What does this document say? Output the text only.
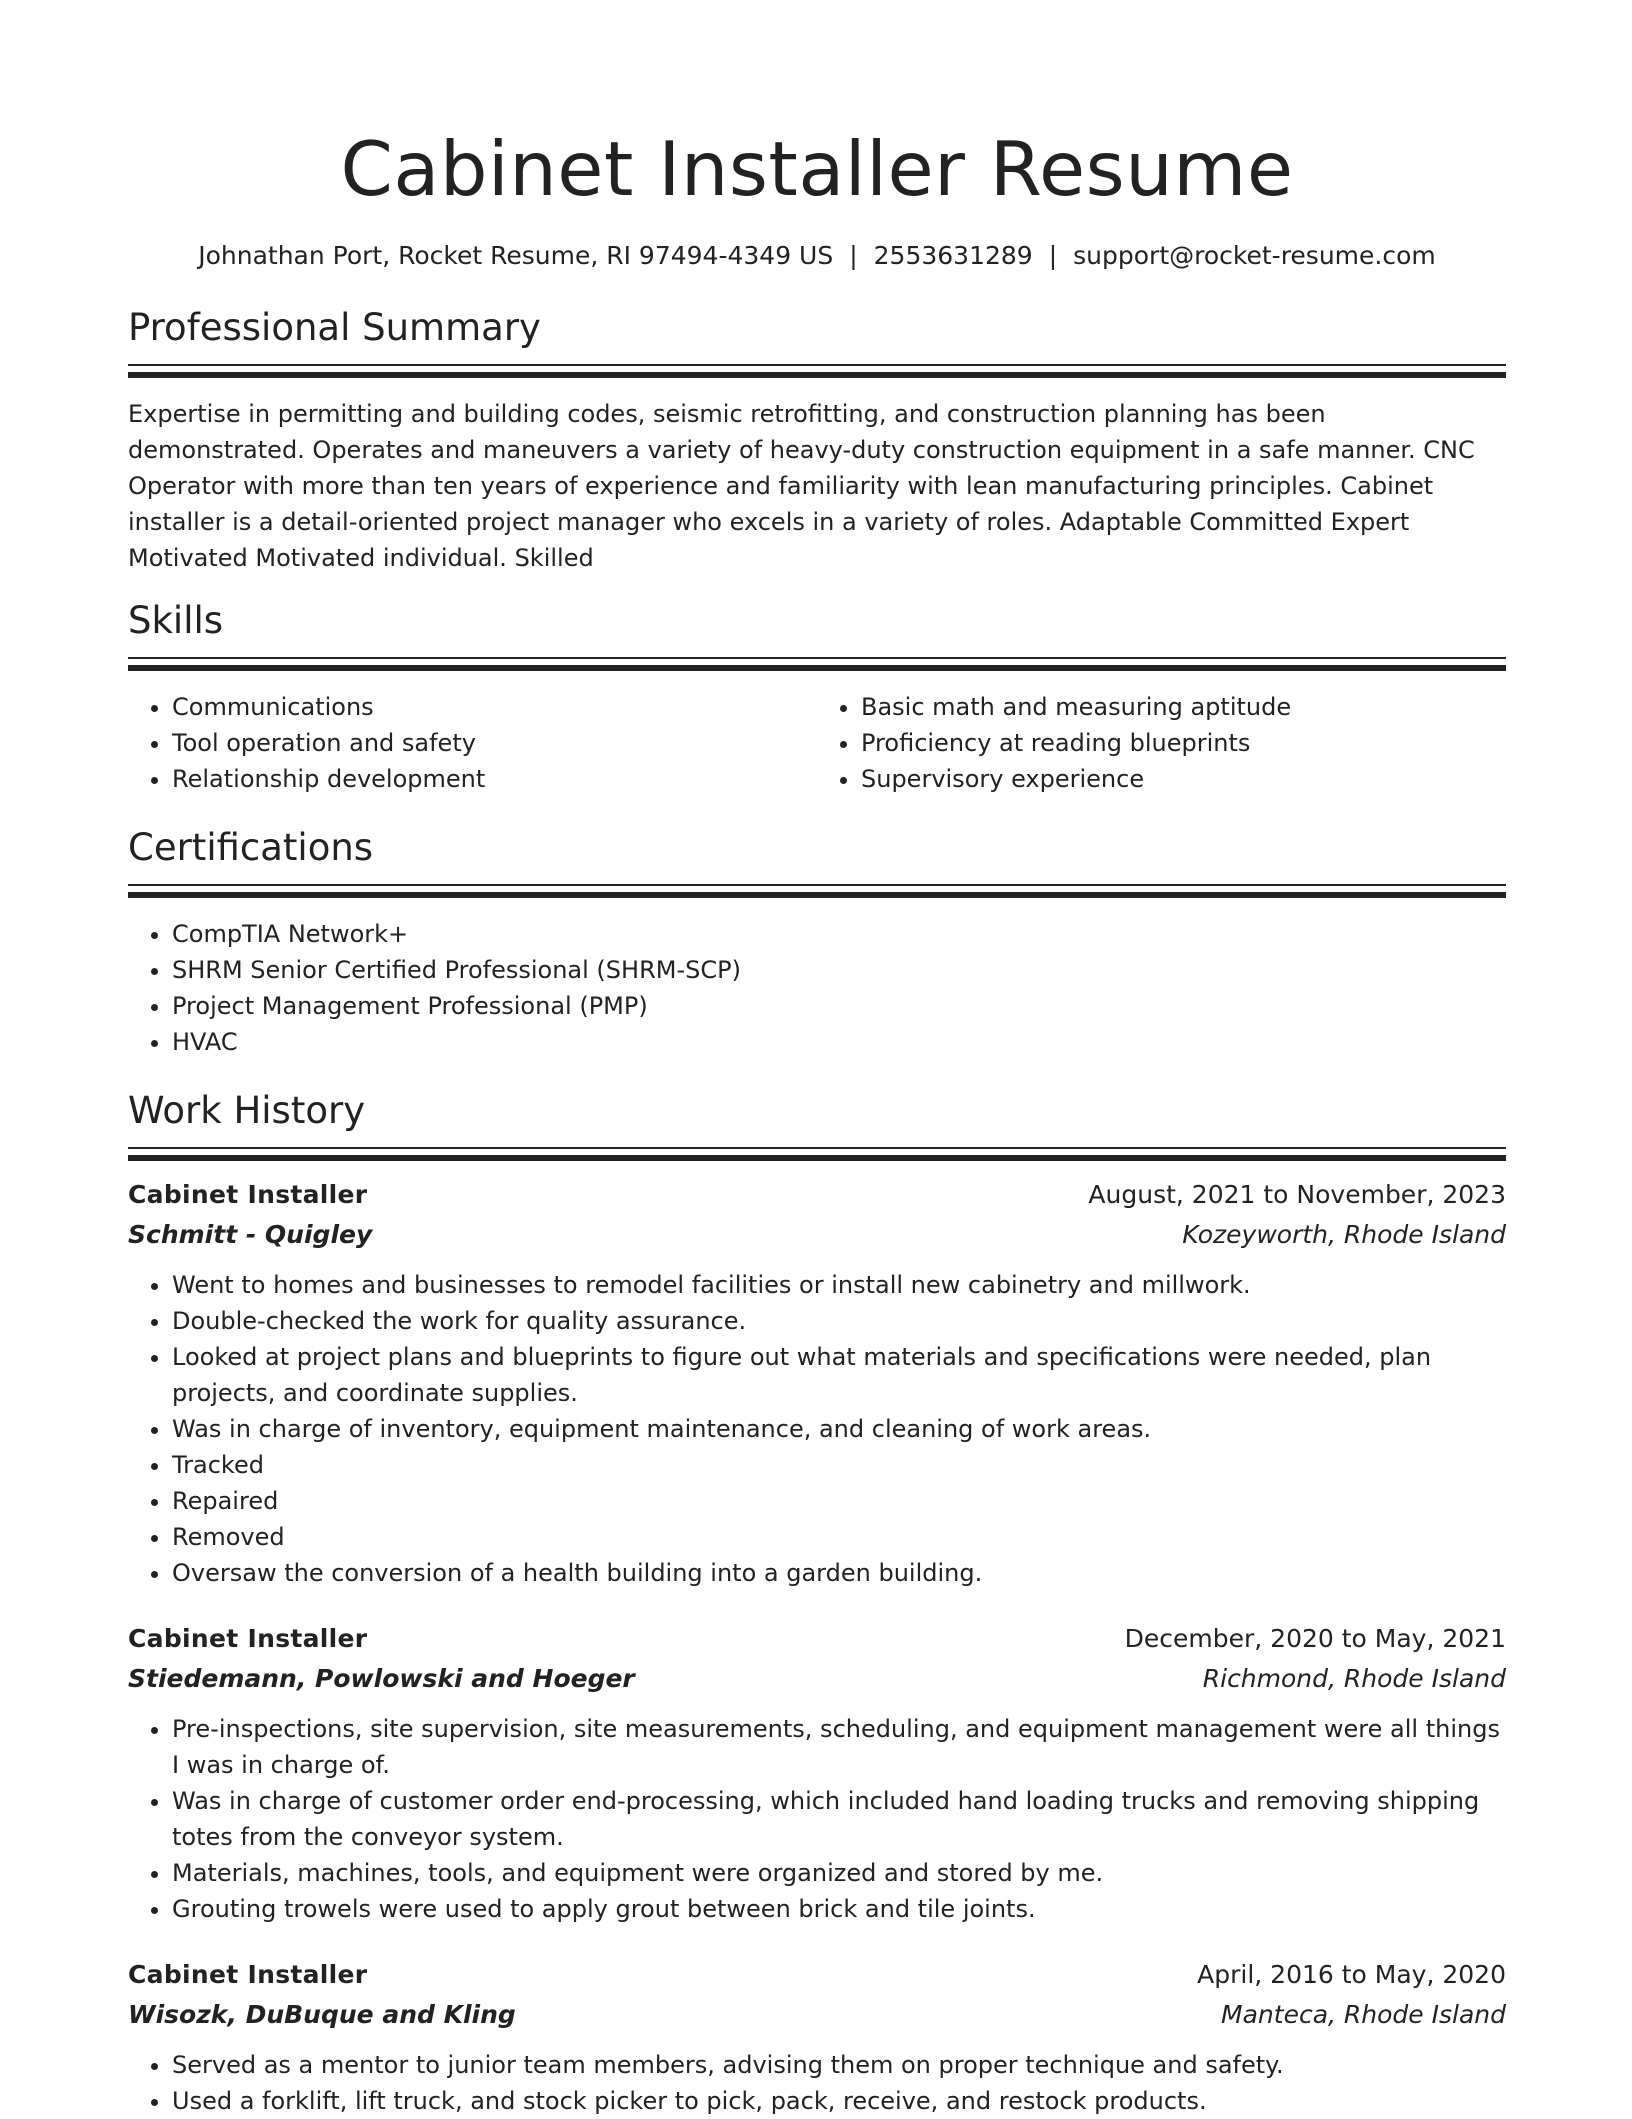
Cabinet Installer Resume
Johnathan Port, Rocket Resume, RI 97494-4349 US | 2553631289 | support@rocket-resume.com
Professional Summary

Expertise in permitting and building codes, seismic retrofitting, and construction planning has been demonstrated. Operates and maneuvers a variety of heavy-duty construction equipment in a safe manner. CNC Operator with more than ten years of experience and familiarity with lean manufacturing principles. Cabinet installer is a detail-oriented project manager who excels in a variety of roles. Adaptable Committed Expert Motivated Motivated individual. Skilled

Skills
• Communications
• Tool operation and safety
• Relationship development
• Basic math and measuring aptitude
• Proficiency at reading blueprints
• Supervisory experience
Certifications
• CompTIA Network+
• SHRM Senior Certified Professional (SHRM-SCP)
• Project Management Professional (PMP)
• HVAC
Work History
Cabinet Installer	August, 2021 to November, 2023
Schmitt - Quigley	Kozeyworth, Rhode Island
• Went to homes and businesses to remodel facilities or install new cabinetry and millwork.
• Double-checked the work for quality assurance.
• Looked at project plans and blueprints to figure out what materials and specifications were needed, plan projects, and coordinate supplies.
• Was in charge of inventory, equipment maintenance, and cleaning of work areas.
• Tracked
• Repaired
• Removed
• Oversaw the conversion of a health building into a garden building.
Cabinet Installer	December, 2020 to May, 2021
Stiedemann, Powlowski and Hoeger	Richmond, Rhode Island
• Pre-inspections, site supervision, site measurements, scheduling, and equipment management were all things I was in charge of.
• Was in charge of customer order end-processing, which included hand loading trucks and removing shipping totes from the conveyor system.
• Materials, machines, tools, and equipment were organized and stored by me.
• Grouting trowels were used to apply grout between brick and tile joints.
Cabinet Installer	April, 2016 to May, 2020
Wisozk, DuBuque and Kling	Manteca, Rhode Island
• Served as a mentor to junior team members, advising them on proper technique and safety.
• Used a forklift, lift truck, and stock picker to pick, pack, receive, and restock products.
